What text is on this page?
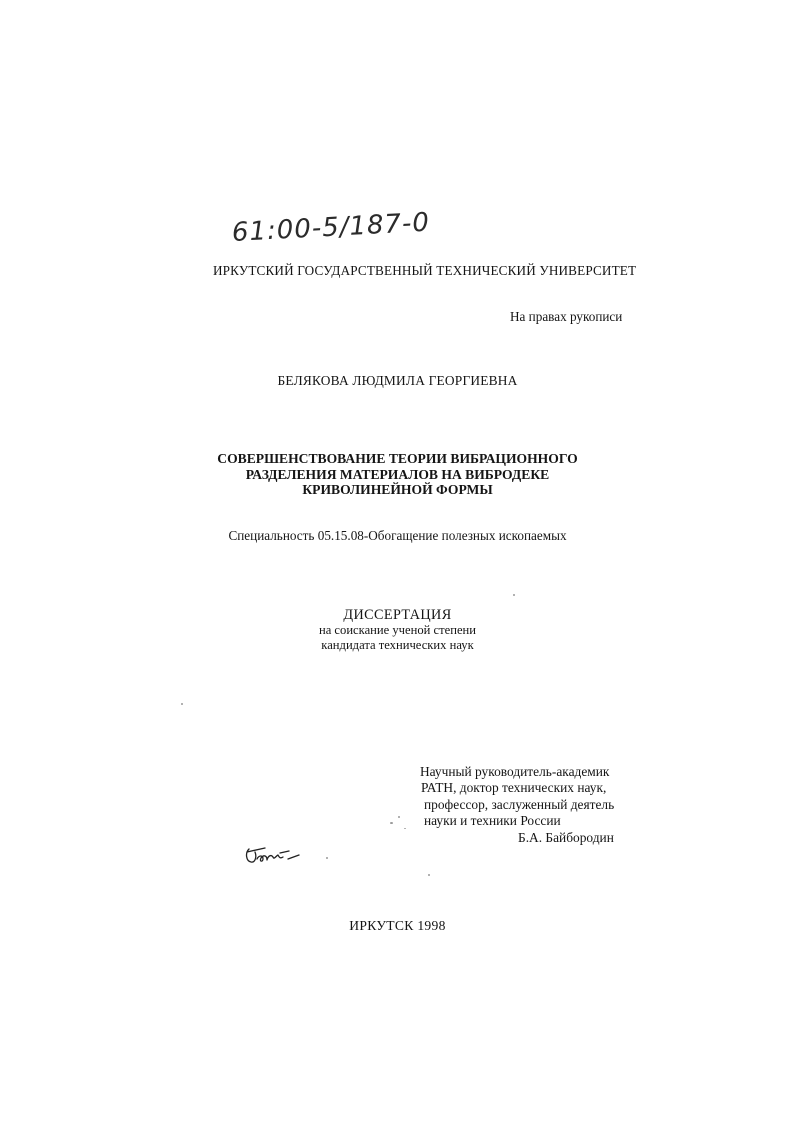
61:00-5/187-0
ИРКУТСКИЙ ГОСУДАРСТВЕННЫЙ ТЕХНИЧЕСКИЙ УНИВЕРСИТЕТ
На правах рукописи
БЕЛЯКОВА ЛЮДМИЛА ГЕОРГИЕВНА
СОВЕРШЕНСТВОВАНИЕ ТЕОРИИ ВИБРАЦИОННОГО
РАЗДЕЛЕНИЯ МАТЕРИАЛОВ НА ВИБРОДЕКЕ
КРИВОЛИНЕЙНОЙ ФОРМЫ
Специальность 05.15.08-Обогащение полезных ископаемых
ДИССЕРТАЦИЯ
на соискание ученой степени
кандидата технических наук
Научный руководитель-академик
РАТН, доктор технических наук,
профессор, заслуженный деятель
науки и техники России
Б.А. Байбородин
ИРКУТСК 1998
